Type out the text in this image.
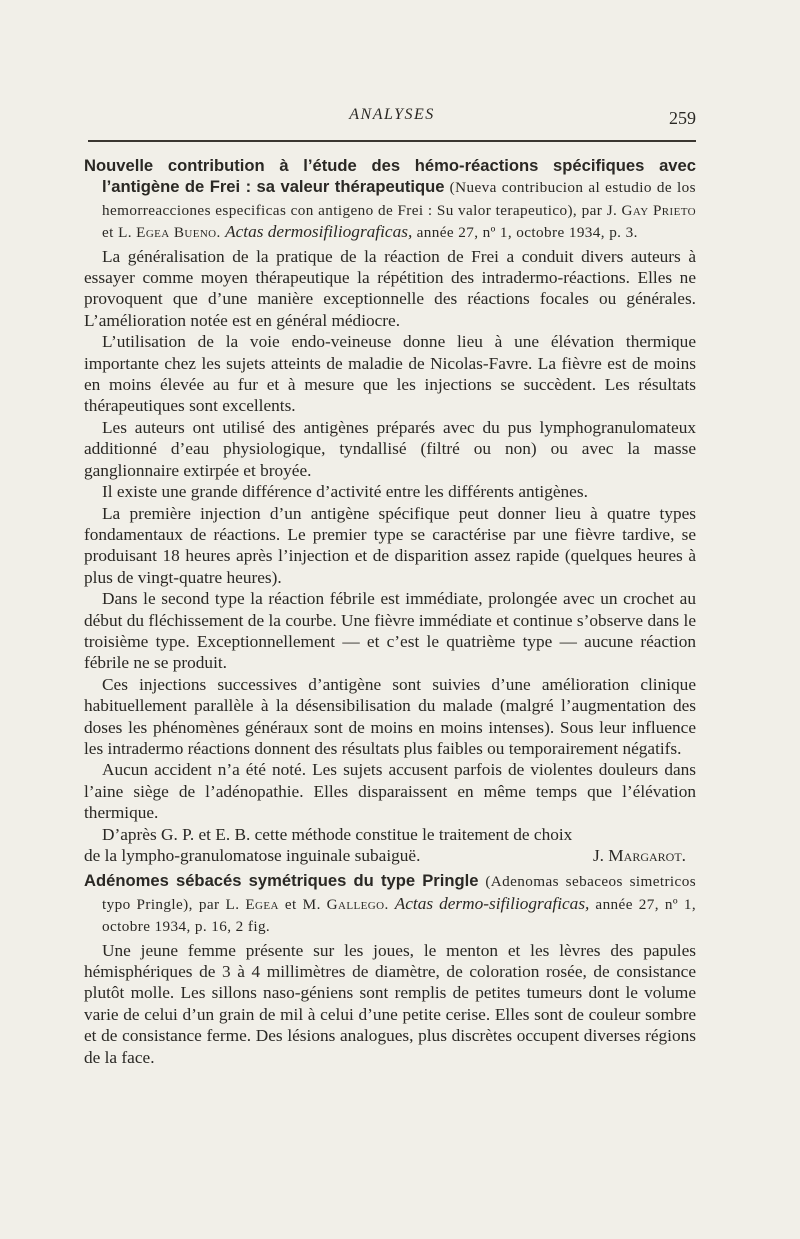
ANALYSES	259

Nouvelle contribution à l’étude des hémo-réactions spécifiques avec l’antigène de Frei : sa valeur thérapeutique (Nueva contribucion al estudio de los hemorreacciones especificas con antigeno de Frei : Su valor terapeutico), par J. Gay Prieto et L. Egea Bueno. Actas dermosifiliograficas, année 27, nº 1, octobre 1934, p. 3.

La généralisation de la pratique de la réaction de Frei a conduit divers auteurs à essayer comme moyen thérapeutique la répétition des intradermo-réactions. Elles ne provoquent que d’une manière exceptionnelle des réactions focales ou générales. L’amélioration notée est en général médiocre.

L’utilisation de la voie endo-veineuse donne lieu à une élévation thermique importante chez les sujets atteints de maladie de Nicolas-Favre. La fièvre est de moins en moins élevée au fur et à mesure que les injections se succèdent. Les résultats thérapeutiques sont excellents.

Les auteurs ont utilisé des antigènes préparés avec du pus lymphogranulomateux additionné d’eau physiologique, tyndallisé (filtré ou non) ou avec la masse ganglionnaire extirpée et broyée.

Il existe une grande différence d’activité entre les différents antigènes.

La première injection d’un antigène spécifique peut donner lieu à quatre types fondamentaux de réactions. Le premier type se caractérise par une fièvre tardive, se produisant 18 heures après l’injection et de disparition assez rapide (quelques heures à plus de vingt-quatre heures).

Dans le second type la réaction fébrile est immédiate, prolongée avec un crochet au début du fléchissement de la courbe. Une fièvre immédiate et continue s’observe dans le troisième type. Exceptionnellement — et c’est le quatrième type — aucune réaction fébrile ne se produit.

Ces injections successives d’antigène sont suivies d’une amélioration clinique habituellement parallèle à la désensibilisation du malade (malgré l’augmentation des doses les phénomènes généraux sont de moins en moins intenses). Sous leur influence les intradermo réactions donnent des résultats plus faibles ou temporairement négatifs.

Aucun accident n’a été noté. Les sujets accusent parfois de violentes douleurs dans l’aine siège de l’adénopathie. Elles disparaissent en même temps que l’élévation thermique.

D’après G. P. et E. B. cette méthode constitue le traitement de choix

de la lympho-granulomatose inguinale subaiguë.	J. Margarot.

Adénomes sébacés symétriques du type Pringle (Adenomas sebaceos simetricos typo Pringle), par L. Egea et M. Gallego. Actas dermo-sifiliograficas, année 27, nº 1, octobre 1934, p. 16, 2 fig.

Une jeune femme présente sur les joues, le menton et les lèvres des papules hémisphériques de 3 à 4 millimètres de diamètre, de coloration rosée, de consistance plutôt molle. Les sillons naso-géniens sont remplis de petites tumeurs dont le volume varie de celui d’un grain de mil à celui d’une petite cerise. Elles sont de couleur sombre et de consistance ferme. Des lésions analogues, plus discrètes occupent diverses régions de la face.
